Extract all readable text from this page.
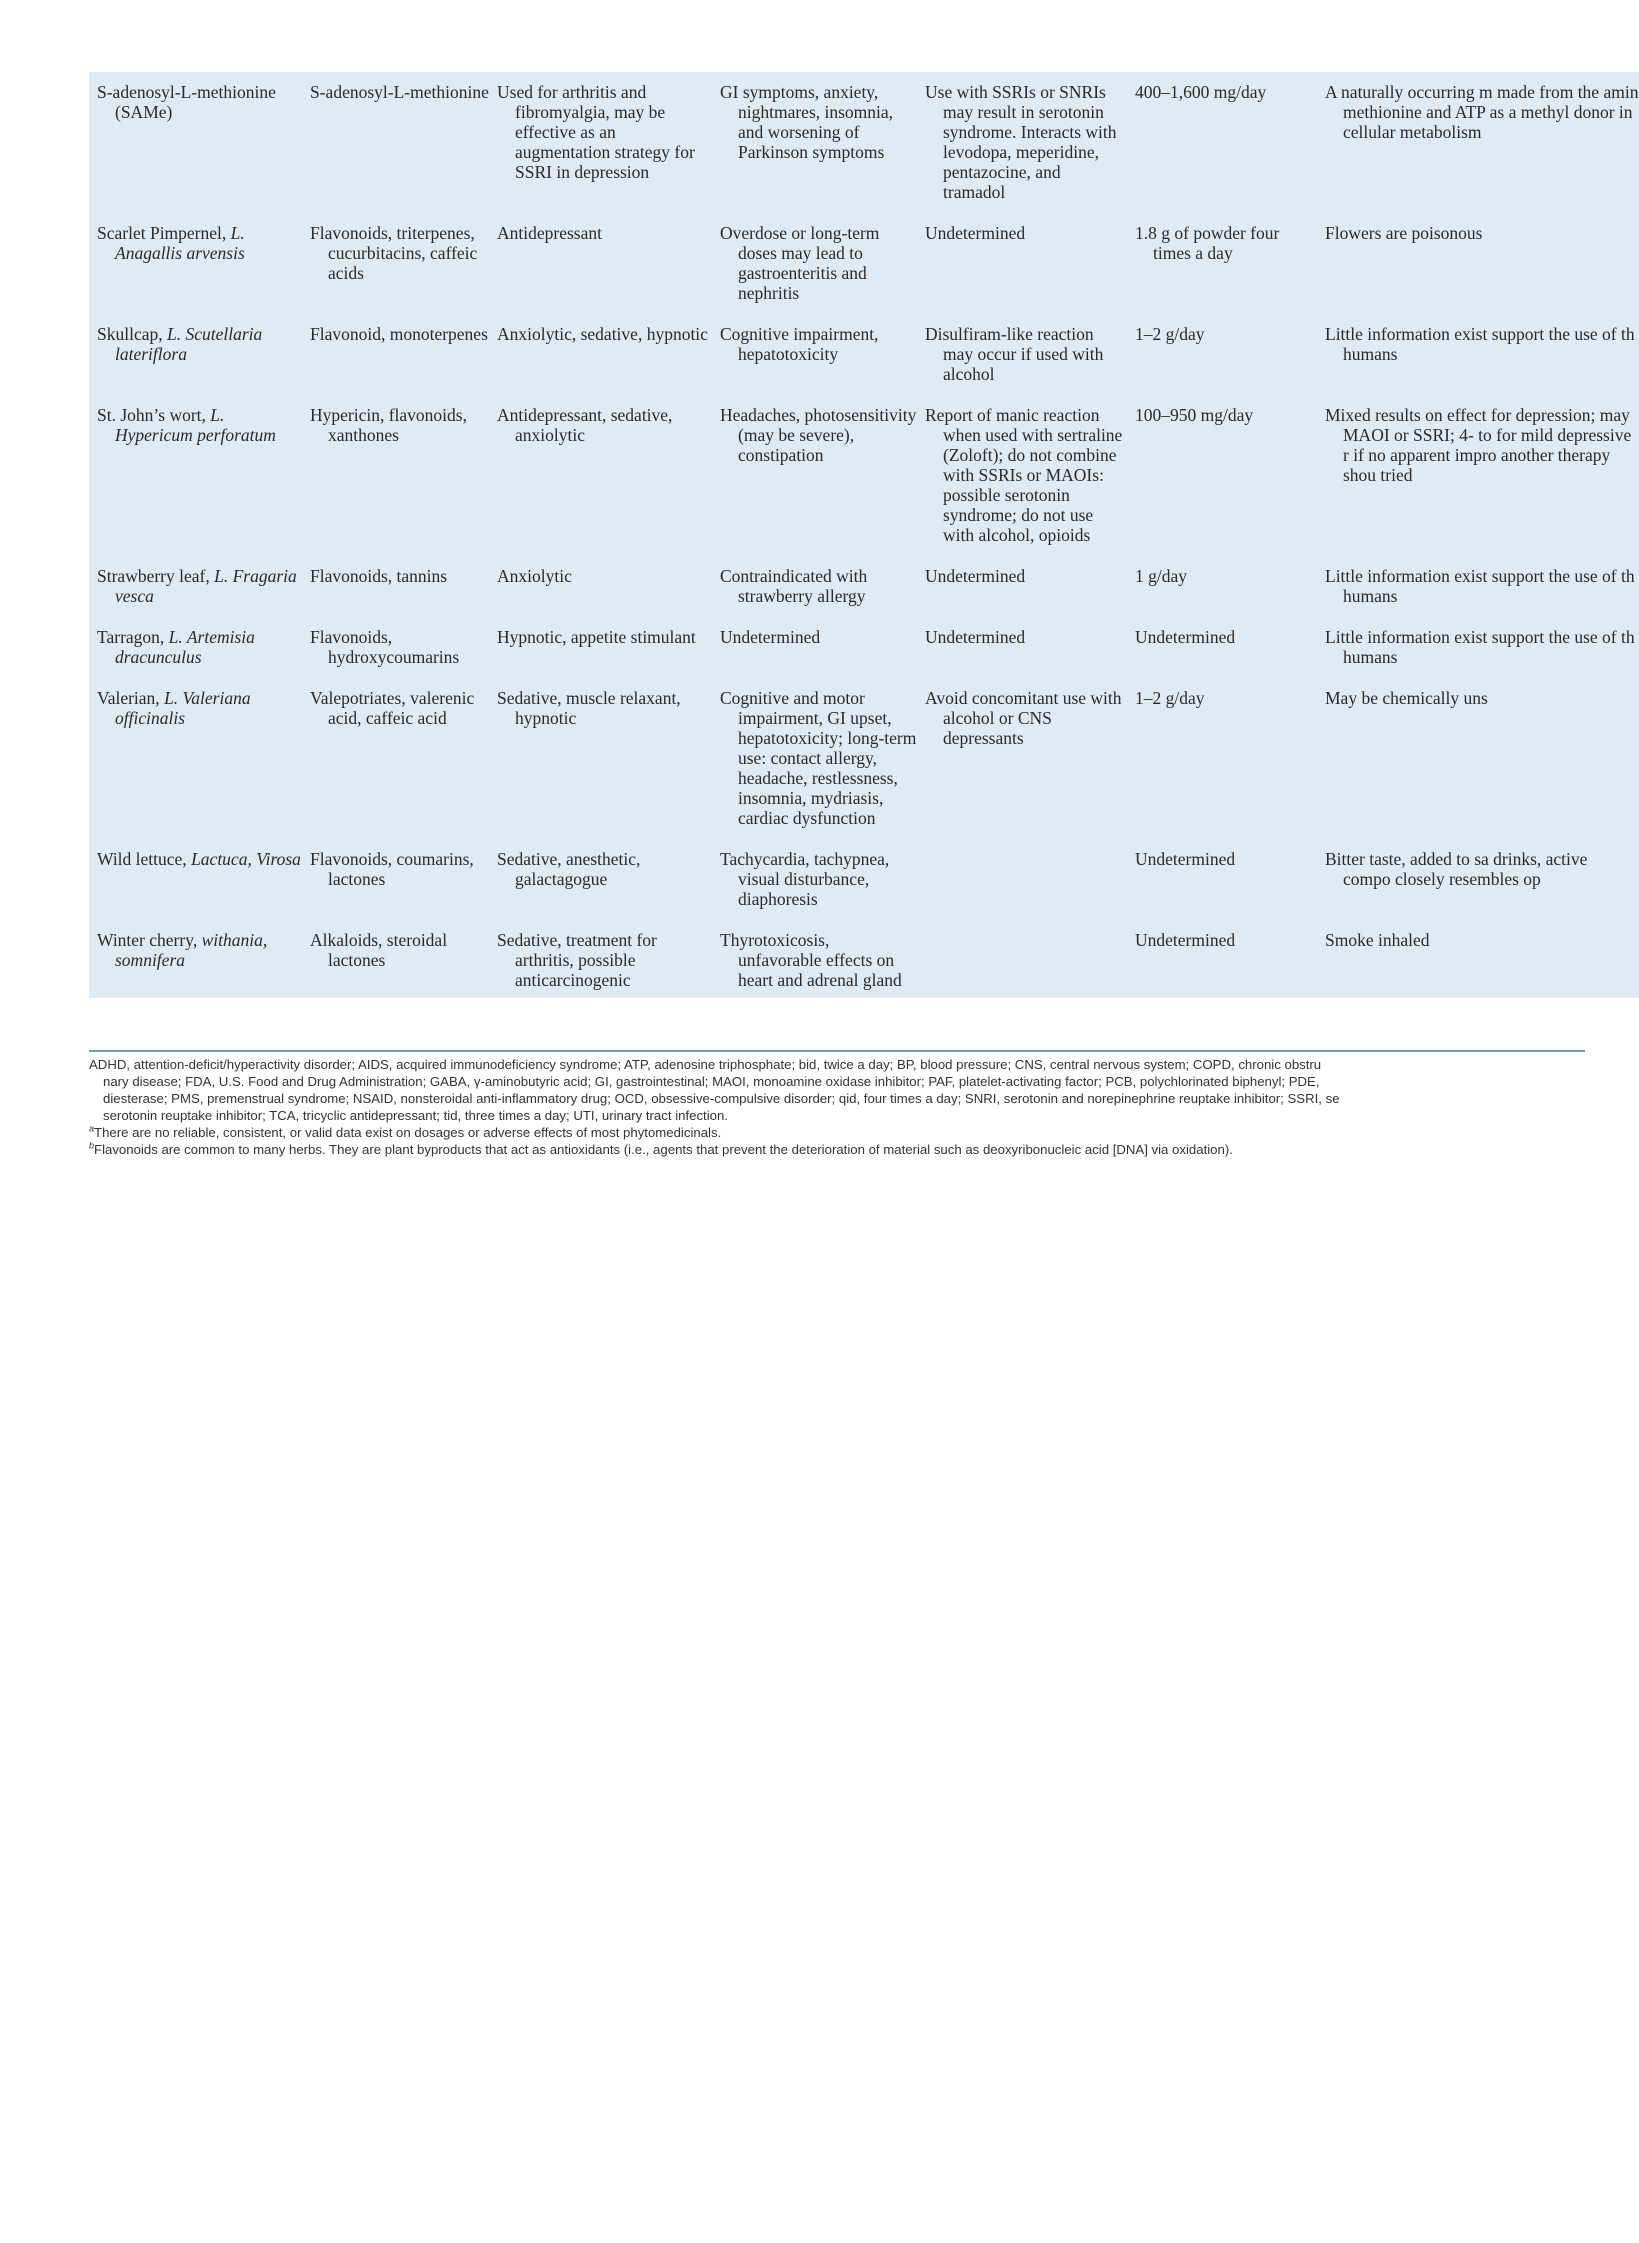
S-adenosyl-L-methionine (SAMe)	S-adenosyl-L-methionine	Used for arthritis and fibromyalgia, may be effective as an augmentation strategy for SSRI in depression	GI symptoms, anxiety, nightmares, insomnia, and worsening of Parkinson symptoms	Use with SSRIs or SNRIs may result in serotonin syndrome. Interacts with levodopa, meperidine, pentazocine, and tramadol	400–1,600 mg/day	A naturally occurring m made from the amin methionine and ATP as a methyl donor in cellular metabolism

Scarlet Pimpernel, L. Anagallis arvensis	Flavonoids, triterpenes, cucurbitacins, caffeic acids	Antidepressant	Overdose or long-term doses may lead to gastroenteritis and nephritis	Undetermined	1.8 g of powder four times a day	Flowers are poisonous

Skullcap, L. Scutellaria lateriflora	Flavonoid, monoterpenes	Anxiolytic, sedative, hypnotic	Cognitive impairment, hepatotoxicity	Disulfiram-like reaction may occur if used with alcohol	1–2 g/day	Little information exist support the use of th humans

St. John’s wort, L. Hypericum perforatum	Hypericin, flavonoids, xanthones	Antidepressant, sedative, anxiolytic	Headaches, photosensitivity (may be severe), constipation	Report of manic reaction when used with sertraline (Zoloft); do not combine with SSRIs or MAOIs: possible serotonin syndrome; do not use with alcohol, opioids	100–950 mg/day	Mixed results on effect for depression; may MAOI or SSRI; 4- to for mild depressive r if no apparent impro another therapy shou tried

Strawberry leaf, L. Fragaria vesca	Flavonoids, tannins	Anxiolytic	Contraindicated with strawberry allergy	Undetermined	1 g/day	Little information exist support the use of th humans

Tarragon, L. Artemisia dracunculus	Flavonoids, hydroxycoumarins	Hypnotic, appetite stimulant	Undetermined	Undetermined	Undetermined	Little information exist support the use of th humans

Valerian, L. Valeriana officinalis	Valepotriates, valerenic acid, caffeic acid	Sedative, muscle relaxant, hypnotic	Cognitive and motor impairment, GI upset, hepatotoxicity; long-term use: contact allergy, headache, restlessness, insomnia, mydriasis, cardiac dysfunction	Avoid concomitant use with alcohol or CNS depressants	1–2 g/day	May be chemically uns

Wild lettuce, Lactuca, Virosa	Flavonoids, coumarins, lactones	Sedative, anesthetic, galactagogue	Tachycardia, tachypnea, visual disturbance, diaphoresis		Undetermined	Bitter taste, added to sa drinks, active compo closely resembles op

Winter cherry, withania, somnifera	Alkaloids, steroidal lactones	Sedative, treatment for arthritis, possible anticarcinogenic	Thyrotoxicosis, unfavorable effects on heart and adrenal gland		Undetermined	Smoke inhaled
ADHD, attention-deficit/hyperactivity disorder; AIDS, acquired immunodeficiency syndrome; ATP, adenosine triphosphate; bid, twice a day; BP, blood pressure; CNS, central nervous system; COPD, chronic obstru
nary disease; FDA, U.S. Food and Drug Administration; GABA, γ-aminobutyric acid; GI, gastrointestinal; MAOI, monoamine oxidase inhibitor; PAF, platelet-activating factor; PCB, polychlorinated biphenyl; PDE,
diesterase; PMS, premenstrual syndrome; NSAID, nonsteroidal anti-inflammatory drug; OCD, obsessive-compulsive disorder; qid, four times a day; SNRI, serotonin and norepinephrine reuptake inhibitor; SSRI, se
serotonin reuptake inhibitor; TCA, tricyclic antidepressant; tid, three times a day; UTI, urinary tract infection.
$^a$There are no reliable, consistent, or valid data exist on dosages or adverse effects of most phytomedicinals.
$^b$Flavonoids are common to many herbs. They are plant byproducts that act as antioxidants (i.e., agents that prevent the deterioration of material such as deoxyribonucleic acid [DNA] via oxidation).
